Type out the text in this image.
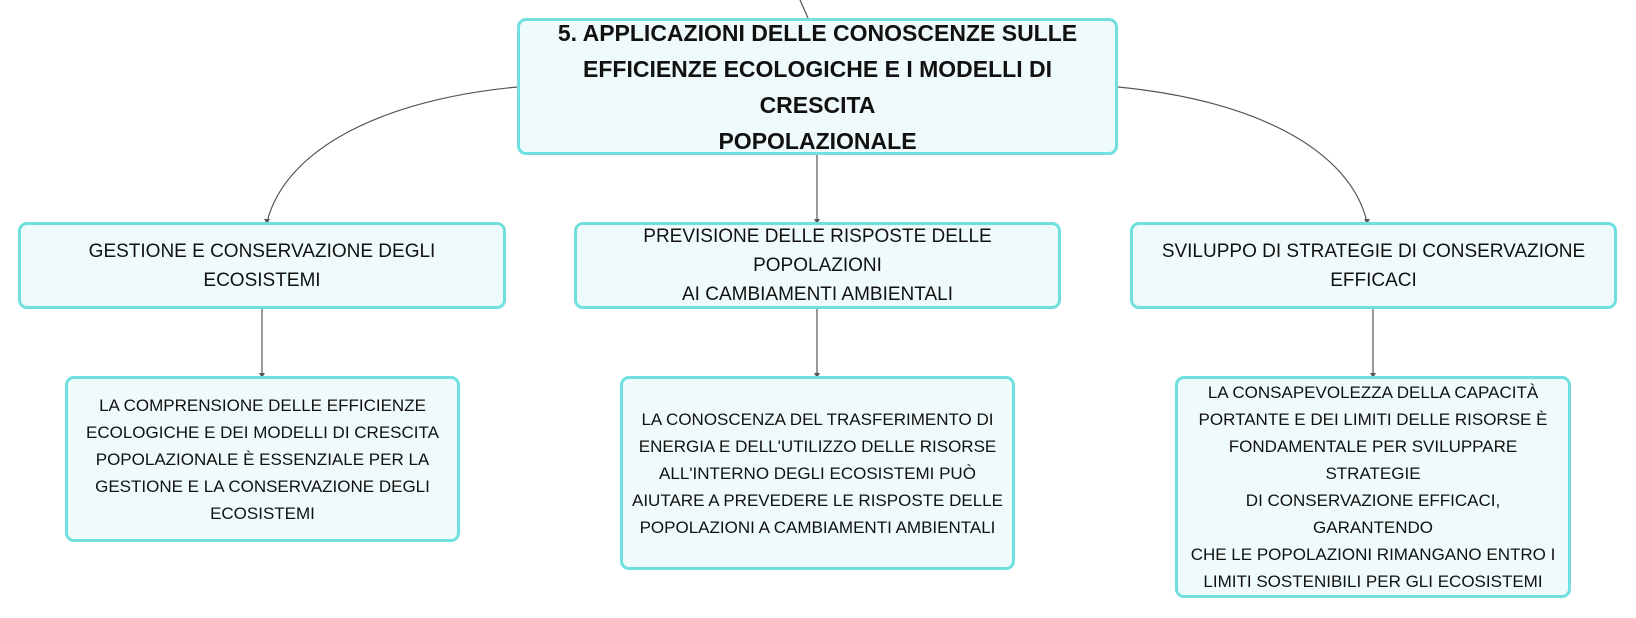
5. APPLICAZIONI DELLE CONOSCENZE SULLE
EFFICIENZE ECOLOGICHE E I MODELLI DI CRESCITA
POPOLAZIONALE
GESTIONE E CONSERVAZIONE DEGLI ECOSISTEMI
PREVISIONE DELLE RISPOSTE DELLE POPOLAZIONI
AI CAMBIAMENTI AMBIENTALI
SVILUPPO DI STRATEGIE DI CONSERVAZIONE
EFFICACI
LA COMPRENSIONE DELLE EFFICIENZE
ECOLOGICHE E DEI MODELLI DI CRESCITA
POPOLAZIONALE È ESSENZIALE PER LA
GESTIONE E LA CONSERVAZIONE DEGLI
ECOSISTEMI
LA CONOSCENZA DEL TRASFERIMENTO DI
ENERGIA E DELL'UTILIZZO DELLE RISORSE
ALL'INTERNO DEGLI ECOSISTEMI PUÒ
AIUTARE A PREVEDERE LE RISPOSTE DELLE
POPOLAZIONI A CAMBIAMENTI AMBIENTALI
LA CONSAPEVOLEZZA DELLA CAPACITÀ
PORTANTE E DEI LIMITI DELLE RISORSE È
FONDAMENTALE PER SVILUPPARE STRATEGIE
DI CONSERVAZIONE EFFICACI, GARANTENDO
CHE LE POPOLAZIONI RIMANGANO ENTRO I
LIMITI SOSTENIBILI PER GLI ECOSISTEMI
